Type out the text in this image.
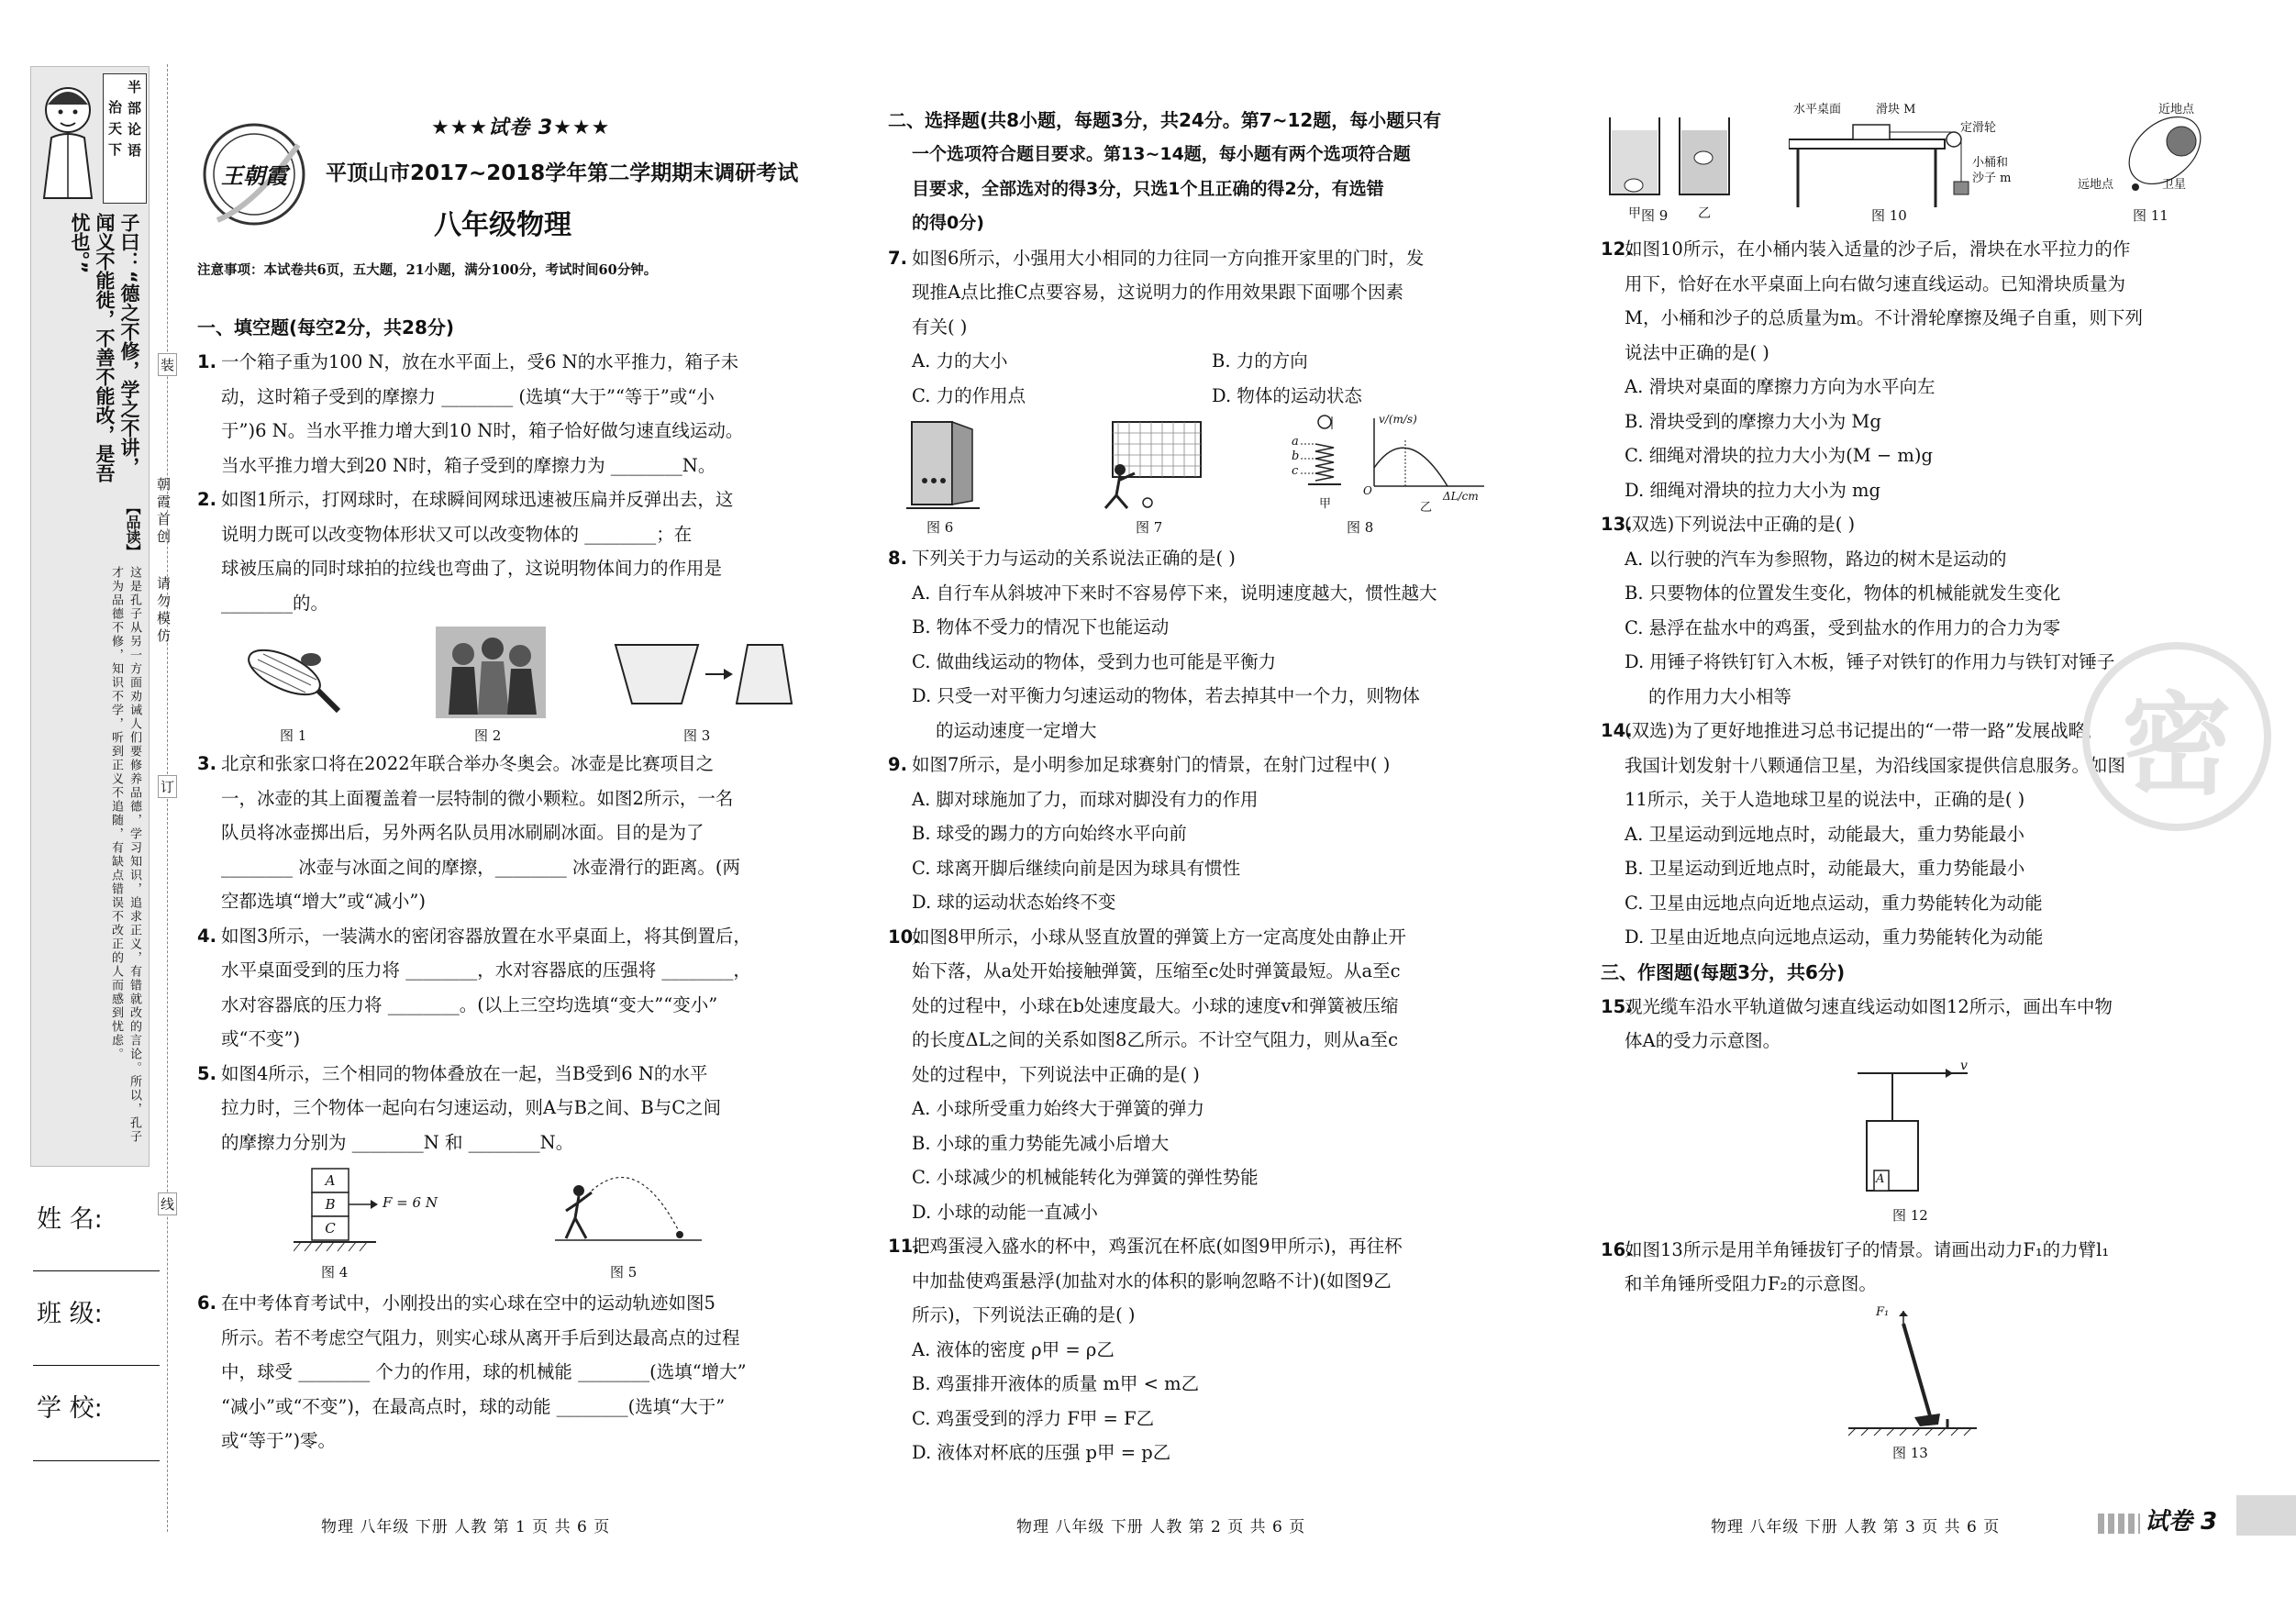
半部论语
治天下
子曰：“德之不修，学之不讲，闻义不能徙，不善不能改，是吾忧也。”
【品读】
这是孔子从另一方面劝诫人们要修养品德，学习知识，追求正义，有错就改的言论。所以，孔子才为品德不修，知识不学，听到正义不追随，有缺点错误不改正的人而感到忧虑。
装
订
线
朝霞首创
请勿模仿
姓 名:
班 级:
学 校:
王朝霞
★★★试卷 3★★★
平顶山市2017~2018学年第二学期期末调研考试
八年级物理
注意事项：本试卷共6页，五大题，21小题，满分100分，考试时间60分钟。
一、填空题(每空2分，共28分)
1. 一个箱子重为100 N，放在水平面上，受6 N的水平推力，箱子未
动，这时箱子受到的摩擦力 ________ (选填“大于”“等于”或“小
于”)6 N。当水平推力增大到10 N时，箱子恰好做匀速直线运动。
当水平推力增大到20 N时，箱子受到的摩擦力为 ________N。
2. 如图1所示，打网球时，在球瞬间网球迅速被压扁并反弹出去，这
说明力既可以改变物体形状又可以改变物体的 ________；在
球被压扁的同时球拍的拉线也弯曲了，这说明物体间力的作用是
________的。
图 1	图 2	图 3
3. 北京和张家口将在2022年联合举办冬奥会。冰壶是比赛项目之
一，冰壶的其上面覆盖着一层特制的微小颗粒。如图2所示，一名
队员将冰壶掷出后，另外两名队员用冰刷刷冰面。目的是为了
________ 冰壶与冰面之间的摩擦，________ 冰壶滑行的距离。(两
空都选填“增大”或“减小”)
4. 如图3所示，一装满水的密闭容器放置在水平桌面上，将其倒置后，
水平桌面受到的压力将 ________，水对容器底的压强将 ________，
水对容器底的压力将 ________。(以上三空均选填“变大”“变小”
或“不变”)
5. 如图4所示，三个相同的物体叠放在一起，当B受到6 N的水平
拉力时，三个物体一起向右匀速运动，则A与B之间、B与C之间
的摩擦力分别为 ________N 和 ________N。
A
B
C
F = 6 N
图 4	图 5
6. 在中考体育考试中，小刚投出的实心球在空中的运动轨迹如图5
所示。若不考虑空气阻力，则实心球从离开手后到达最高点的过程
中，球受 ________ 个力的作用，球的机械能 ________(选填“增大”
“减小”或“不变”)，在最高点时，球的动能 ________(选填“大于”
或“等于”)零。
物理 八年级 下册 人教 第 1 页 共 6 页
二、选择题(共8小题，每题3分，共24分。第7~12题，每小题只有
一个选项符合题目要求。第13~14题，每小题有两个选项符合题
目要求，全部选对的得3分，只选1个且正确的得2分，有选错
的得0分)
7. 如图6所示，小强用大小相同的力往同一方向推开家里的门时，发
现推A点比推C点要容易，这说明力的作用效果跟下面哪个因素
有关( )
A. 力的大小	B. 力的方向
C. 力的作用点	D. 物体的运动状态
a
b
c
v/(m/s)
O	ΔL/cm
甲	乙
图 6	图 7	图 8
8. 下列关于力与运动的关系说法正确的是( )
A. 自行车从斜坡冲下来时不容易停下来，说明速度越大，惯性越大
B. 物体不受力的情况下也能运动
C. 做曲线运动的物体，受到力也可能是平衡力
D. 只受一对平衡力匀速运动的物体，若去掉其中一个力，则物体
的运动速度一定增大
9. 如图7所示，是小明参加足球赛射门的情景，在射门过程中( )
A. 脚对球施加了力，而球对脚没有力的作用
B. 球受的踢力的方向始终水平向前
C. 球离开脚后继续向前是因为球具有惯性
D. 球的运动状态始终不变
10.如图8甲所示，小球从竖直放置的弹簧上方一定高度处由静止开
始下落，从a处开始接触弹簧，压缩至c处时弹簧最短。从a至c
处的过程中，小球在b处速度最大。小球的速度v和弹簧被压缩
的长度ΔL之间的关系如图8乙所示。不计空气阻力，则从a至c
处的过程中，下列说法中正确的是( )
A. 小球所受重力始终大于弹簧的弹力
B. 小球的重力势能先减小后增大
C. 小球减少的机械能转化为弹簧的弹性势能
D. 小球的动能一直减小
11.把鸡蛋浸入盛水的杯中，鸡蛋沉在杯底(如图9甲所示)，再往杯
中加盐使鸡蛋悬浮(加盐对水的体积的影响忽略不计)(如图9乙
所示)，下列说法正确的是( )
A. 液体的密度 ρ甲 = ρ乙
B. 鸡蛋排开液体的质量 m甲 < m乙
C. 鸡蛋受到的浮力 F甲 = F乙
D. 液体对杯底的压强 p甲 = p乙
物理 八年级 下册 人教 第 2 页 共 6 页
甲	乙
水平桌面	滑块 M
定滑轮
小桶和
沙子 m
近地点
远地点	卫星
图 9	图 10	图 11
12.如图10所示，在小桶内装入适量的沙子后，滑块在水平拉力的作
用下，恰好在水平桌面上向右做匀速直线运动。已知滑块质量为
M，小桶和沙子的总质量为m。不计滑轮摩擦及绳子自重，则下列
说法中正确的是( )
A. 滑块对桌面的摩擦力方向为水平向左
B. 滑块受到的摩擦力大小为 Mg
C. 细绳对滑块的拉力大小为(M − m)g
D. 细绳对滑块的拉力大小为 mg
13.(双选)下列说法中正确的是( )
A. 以行驶的汽车为参照物，路边的树木是运动的
B. 只要物体的位置发生变化，物体的机械能就发生变化
C. 悬浮在盐水中的鸡蛋，受到盐水的作用力的合力为零
D. 用锤子将铁钉钉入木板，锤子对铁钉的作用力与铁钉对锤子
的作用力大小相等
14.(双选)为了更好地推进习总书记提出的“一带一路”发展战略，
我国计划发射十八颗通信卫星，为沿线国家提供信息服务。如图
11所示，关于人造地球卫星的说法中，正确的是( )
A. 卫星运动到远地点时，动能最大，重力势能最小
B. 卫星运动到近地点时，动能最大，重力势能最小
C. 卫星由远地点向近地点运动，重力势能转化为动能
D. 卫星由近地点向远地点运动，重力势能转化为动能
三、作图题(每题3分，共6分)
15.观光缆车沿水平轨道做匀速直线运动如图12所示，画出车中物
体A的受力示意图。
v
A
图 12
16.如图13所示是用羊角锤拔钉子的情景。请画出动力F₁的力臂l₁
和羊角锤所受阻力F₂的示意图。
F₁
图 13
密
物理 八年级 下册 人教 第 3 页 共 6 页	试卷 3
